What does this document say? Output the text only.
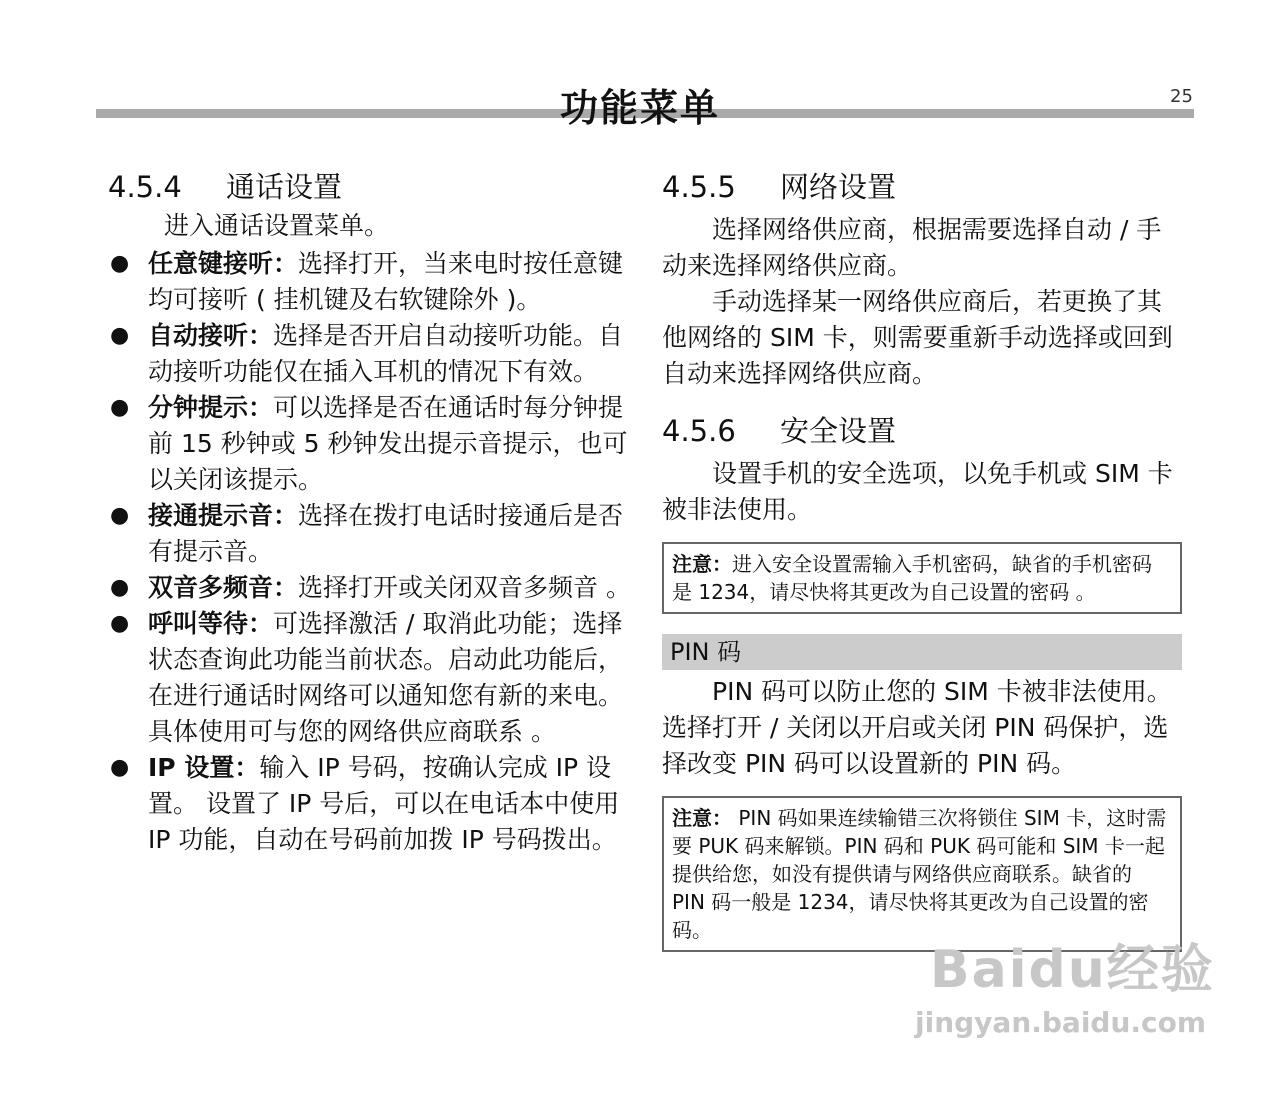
功能菜单	25
4.5.4 通话设置

进入通话设置菜单。

● 任意键接听：选择打开，当来电时按任意键均可接听 ( 挂机键及右软键除外 )。
● 自动接听：选择是否开启自动接听功能。自动接听功能仅在插入耳机的情况下有效。
● 分钟提示：可以选择是否在通话时每分钟提前 15 秒钟或 5 秒钟发出提示音提示，也可以关闭该提示。
● 接通提示音：选择在拨打电话时接通后是否有提示音。
● 双音多频音：选择打开或关闭双音多频音 。
● 呼叫等待：可选择激活 / 取消此功能；选择状态查询此功能当前状态。启动此功能后，在进行通话时网络可以通知您有新的来电。具体使用可与您的网络供应商联系 。
● IP 设置：输入 IP 号码，按确认完成 IP 设置。 设置了 IP 号后，可以在电话本中使用 IP 功能，自动在号码前加拨 IP 号码拨出。
4.5.5 网络设置

选择网络供应商，根据需要选择自动 / 手动来选择网络供应商。

手动选择某一网络供应商后，若更换了其他网络的 SIM 卡，则需要重新手动选择或回到自动来选择网络供应商。

4.5.6 安全设置

设置手机的安全选项，以免手机或 SIM 卡被非法使用。

注意：进入安全设置需输入手机密码，缺省的手机密码是 1234，请尽快将其更改为自己设置的密码 。
PIN 码

PIN 码可以防止您的 SIM 卡被非法使用。选择打开 / 关闭以开启或关闭 PIN 码保护，选择改变 PIN 码可以设置新的 PIN 码。

注意： PIN 码如果连续输错三次将锁住 SIM 卡，这时需要 PUK 码来解锁。PIN 码和 PUK 码可能和 SIM 卡一起提供给您，如没有提供请与网络供应商联系。缺省的 PIN 码一般是 1234，请尽快将其更改为自己设置的密码。
Baidu经验
jingyan.baidu.com
